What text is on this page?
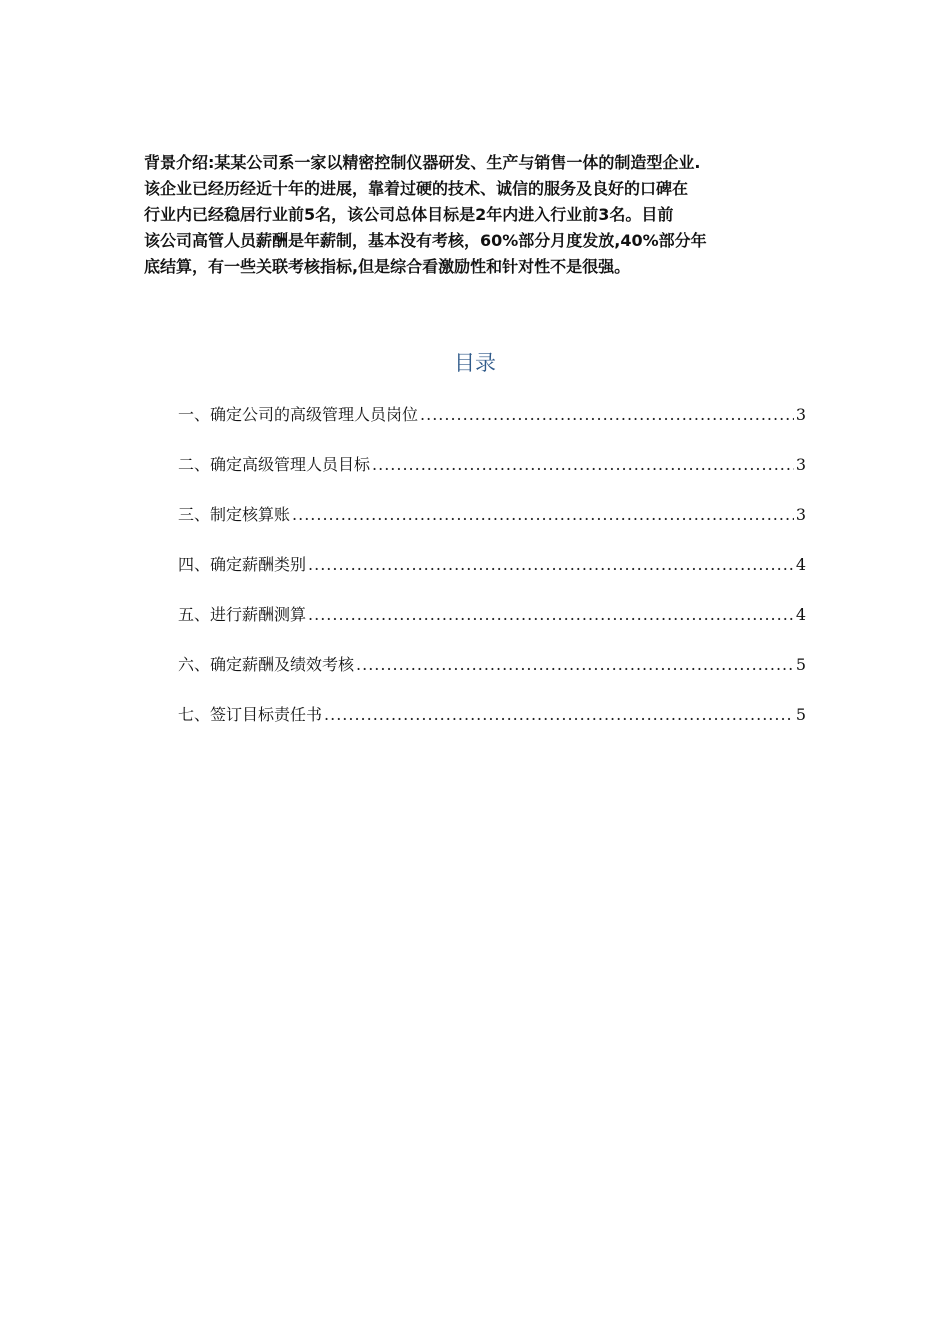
背景介绍:某某公司系一家以精密控制仪器研发、生产与销售一体的制造型企业.
该企业已经历经近十年的进展，靠着过硬的技术、诚信的服务及良好的口碑在
行业内已经稳居行业前5名，该公司总体目标是2年内进入行业前3名。目前
该公司高管人员薪酬是年薪制，基本没有考核，60%部分月度发放,40%部分年
底结算，有一些关联考核指标,但是综合看激励性和针对性不是很强。
目录
一、确定公司的高级管理人员岗位 .....	3
二、确定高级管理人员目标 .....	3
三、制定核算账 .....	3
四、确定薪酬类别 .....	4
五、进行薪酬测算 .....	4
六、确定薪酬及绩效考核 .....	5
七、签订目标责任书 .....	5
